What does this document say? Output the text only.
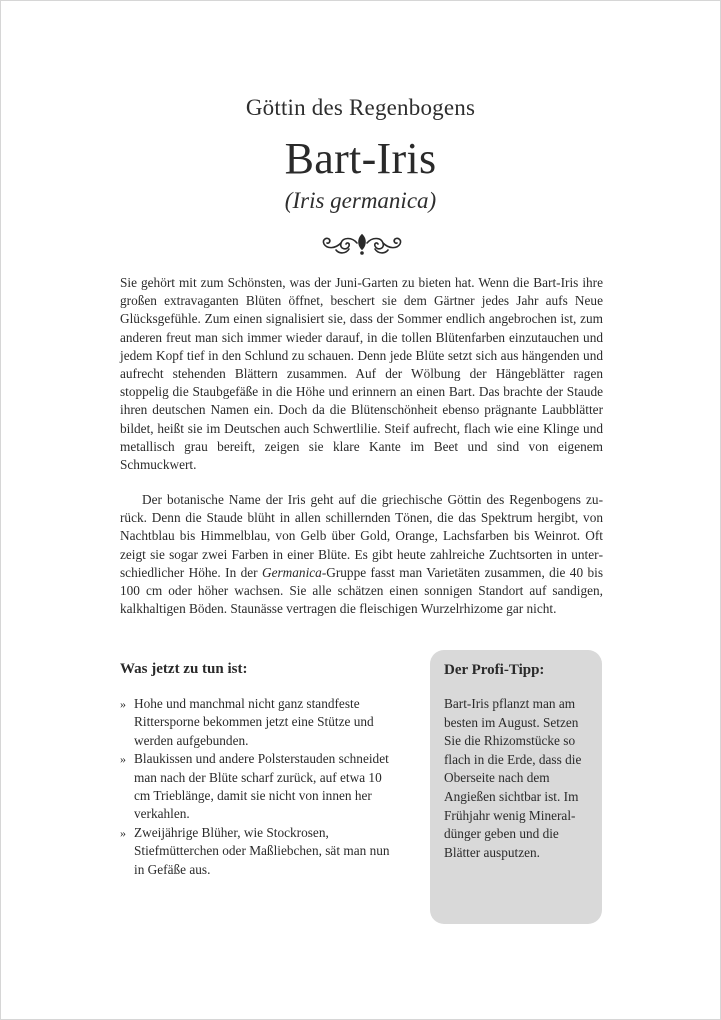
Göttin des Regenbogens
Bart-Iris
(Iris germanica)
Sie gehört mit zum Schönsten, was der Juni-Garten zu bieten hat. Wenn die Bart-Iris ihre großen extravaganten Blüten öffnet, beschert sie dem Gärtner jedes Jahr aufs Neue Glücksgefühle. Zum einen signalisiert sie, dass der Sommer endlich angebrochen ist, zum anderen freut man sich immer wieder darauf, in die tollen Blütenfarben einzutauchen und jedem Kopf tief in den Schlund zu schauen. Denn jede Blüte setzt sich aus hängenden und aufrecht stehenden Blättern zusammen. Auf der Wölbung der Hängeblätter ragen stoppelig die Staubgefäße in die Höhe und erinnern an einen Bart. Das brachte der Staude ihren deutschen Namen ein. Doch da die Blütenschönheit ebenso prägnante Laubblätter bildet, heißt sie im Deutschen auch Schwertlilie. Steif aufrecht, flach wie eine Klinge und metallisch grau bereift, zeigen sie klare Kante im Beet und sind von eigenem Schmuckwert.
Der botanische Name der Iris geht auf die griechische Göttin des Regenbogens zurück. Denn die Staude blüht in allen schillernden Tönen, die das Spektrum hergibt, von Nachtblau bis Himmelblau, von Gelb über Gold, Orange, Lachsfarben bis Weinrot. Oft zeigt sie sogar zwei Farben in einer Blüte. Es gibt heute zahlreiche Zuchtsorten in unterschiedlicher Höhe. In der Germanica-Gruppe fasst man Varietäten zusammen, die 40 bis 100 cm oder höher wachsen. Sie alle schätzen einen sonnigen Standort auf sandigen, kalkhaltigen Böden. Staunässe vertragen die fleischigen Wurzelrhizome gar nicht.
Was jetzt zu tun ist:
» Hohe und manchmal nicht ganz standfeste Rittersporne bekommen jetzt eine Stütze und werden aufgebunden.
» Blaukissen und andere Polsterstauden schneidet man nach der Blüte scharf zurück, auf etwa 10 cm Trieblänge, damit sie nicht von innen her verkahlen.
» Zweijährige Blüher, wie Stockrosen, Stiefmütterchen oder Maßliebchen, sät man nun in Gefäße aus.
Der Profi-Tipp:
Bart-Iris pflanzt man am besten im August. Setzen Sie die Rhizomstücke so flach in die Erde, dass die Oberseite nach dem Angießen sichtbar ist. Im Frühjahr wenig Mineraldünger geben und die Blätter ausputzen.
